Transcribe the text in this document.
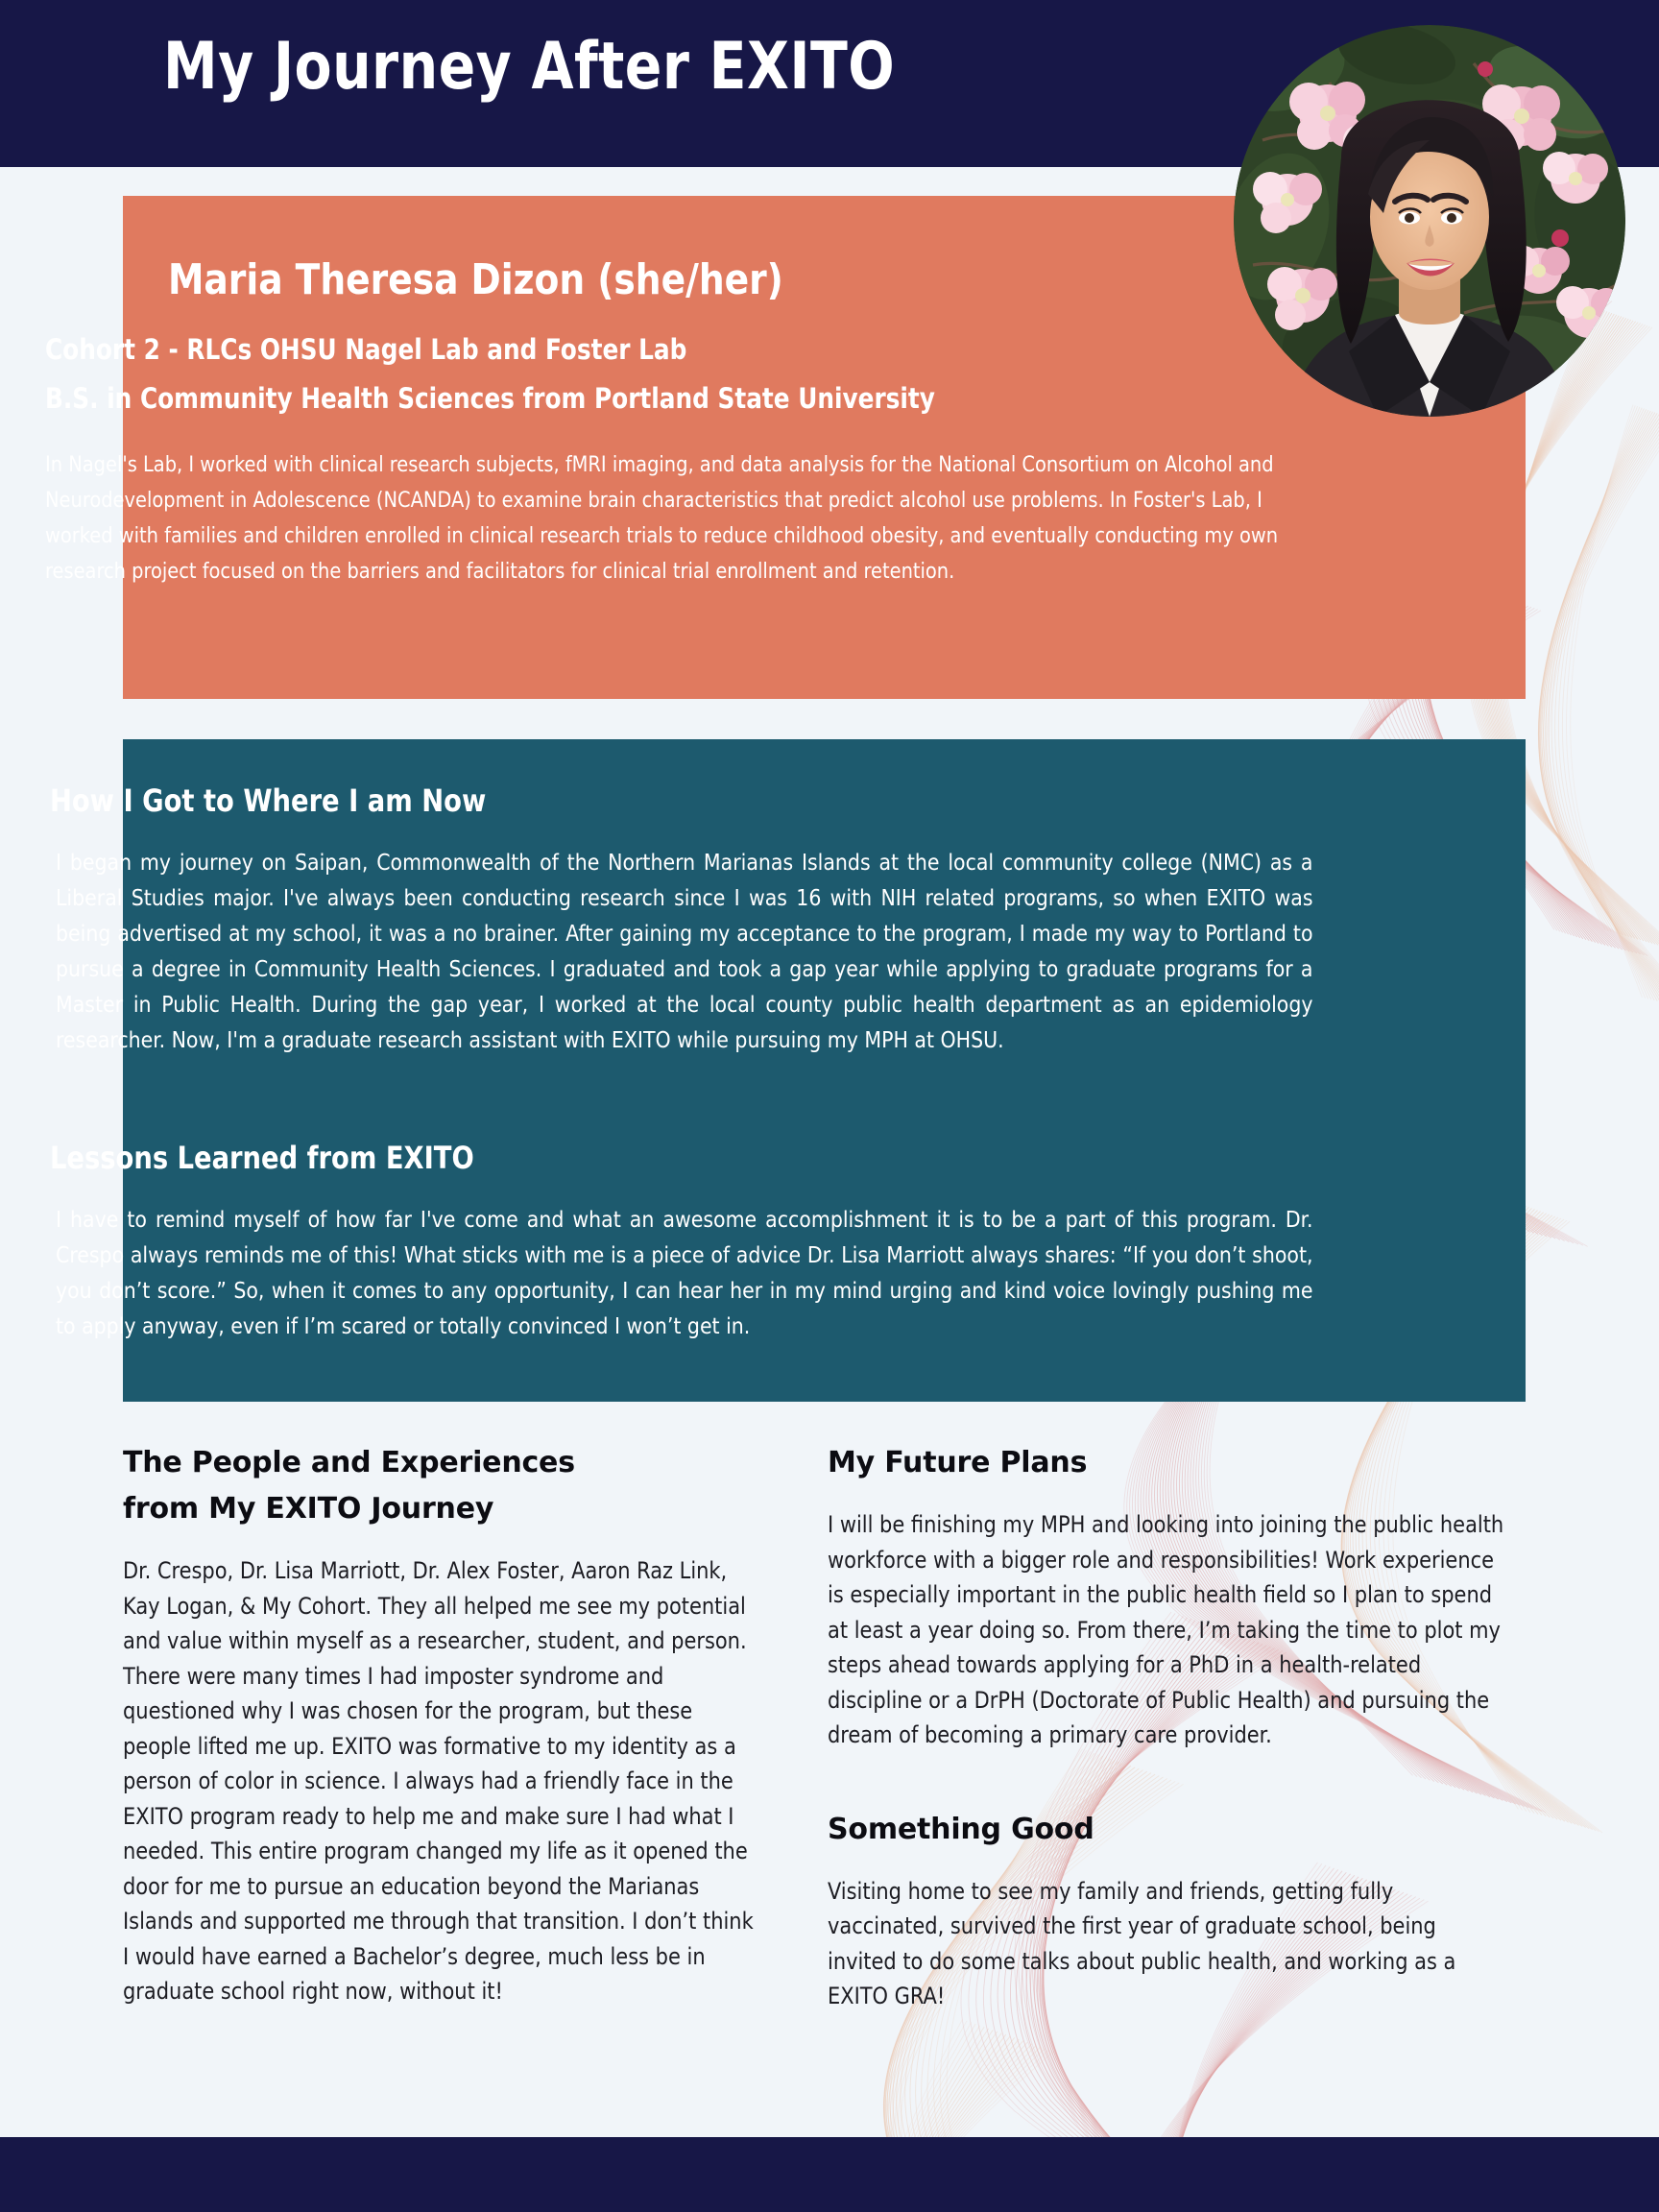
My Journey After EXITO
Maria Theresa Dizon (she/her)
Cohort 2 - RLCs OHSU Nagel Lab and Foster Lab
B.S. in Community Health Sciences from Portland State University
In Nagel's Lab, I worked with clinical research subjects, fMRI imaging, and data analysis for the National Consortium on Alcohol and Neurodevelopment in Adolescence (NCANDA) to examine brain characteristics that predict alcohol use problems. In Foster's Lab, I worked with families and children enrolled in clinical research trials to reduce childhood obesity, and eventually conducting my own research project focused on the barriers and facilitators for clinical trial enrollment and retention.
How I Got to Where I am Now
I began my journey on Saipan, Commonwealth of the Northern Marianas Islands at the local community college (NMC) as a Liberal Studies major. I've always been conducting research since I was 16 with NIH related programs, so when EXITO was being advertised at my school, it was a no brainer. After gaining my acceptance to the program, I made my way to Portland to pursue a degree in Community Health Sciences. I graduated and took a gap year while applying to graduate programs for a Master in Public Health. During the gap year, I worked at the local county public health department as an epidemiology researcher. Now, I'm a graduate research assistant with EXITO while pursuing my MPH at OHSU.
Lessons Learned from EXITO
I have to remind myself of how far I've come and what an awesome accomplishment it is to be a part of this program. Dr. Crespo always reminds me of this! What sticks with me is a piece of advice Dr. Lisa Marriott always shares: “If you don’t shoot, you don’t score.” So, when it comes to any opportunity, I can hear her in my mind urging and kind voice lovingly pushing me to apply anyway, even if I’m scared or totally convinced I won’t get in.
The People and Experiences
from My EXITO Journey

Dr. Crespo, Dr. Lisa Marriott, Dr. Alex Foster, Aaron Raz Link, Kay Logan, & My Cohort. They all helped me see my potential and value within myself as a researcher, student, and person. There were many times I had imposter syndrome and questioned why I was chosen for the program, but these people lifted me up. EXITO was formative to my identity as a person of color in science. I always had a friendly face in the EXITO program ready to help me and make sure I had what I needed. This entire program changed my life as it opened the door for me to pursue an education beyond the Marianas Islands and supported me through that transition. I don’t think I would have earned a Bachelor’s degree, much less be in graduate school right now, without it!

My Future Plans

I will be finishing my MPH and looking into joining the public health workforce with a bigger role and responsibilities! Work experience is especially important in the public health field so I plan to spend at least a year doing so. From there, I’m taking the time to plot my steps ahead towards applying for a PhD in a health-related discipline or a DrPH (Doctorate of Public Health) and pursuing the dream of becoming a primary care provider.

Something Good

Visiting home to see my family and friends, getting fully vaccinated, survived the first year of graduate school, being invited to do some talks about public health, and working as a EXITO GRA!
